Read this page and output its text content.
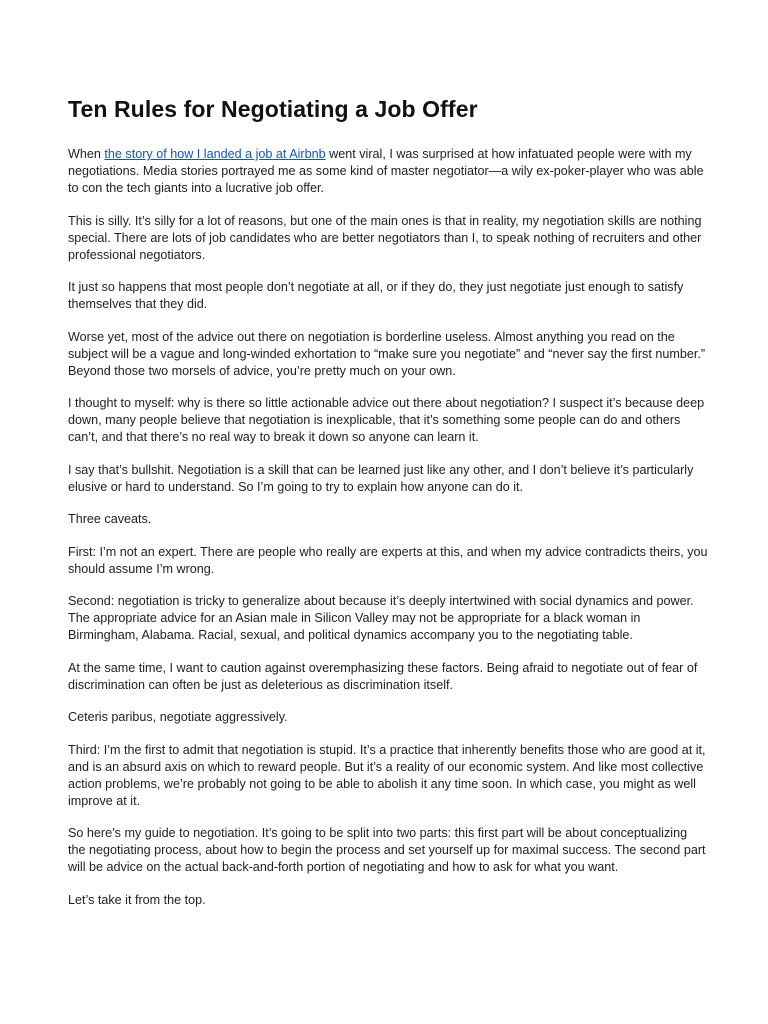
Ten Rules for Negotiating a Job Offer

When the story of how I landed a job at Airbnb went viral, I was surprised at how infatuated people were with my negotiations. Media stories portrayed me as some kind of master negotiator—a wily ex-poker-player who was able to con the tech giants into a lucrative job offer.

This is silly. It’s silly for a lot of reasons, but one of the main ones is that in reality, my negotiation skills are nothing special. There are lots of job candidates who are better negotiators than I, to speak nothing of recruiters and other professional negotiators.

It just so happens that most people don’t negotiate at all, or if they do, they just negotiate just enough to satisfy themselves that they did.

Worse yet, most of the advice out there on negotiation is borderline useless. Almost anything you read on the subject will be a vague and long-winded exhortation to “make sure you negotiate” and “never say the first number.” Beyond those two morsels of advice, you’re pretty much on your own.

I thought to myself: why is there so little actionable advice out there about negotiation? I suspect it’s because deep down, many people believe that negotiation is inexplicable, that it’s something some people can do and others can’t, and that there’s no real way to break it down so anyone can learn it.

I say that’s bullshit. Negotiation is a skill that can be learned just like any other, and I don’t believe it’s particularly elusive or hard to understand. So I’m going to try to explain how anyone can do it.

Three caveats.

First: I’m not an expert. There are people who really are experts at this, and when my advice contradicts theirs, you should assume I’m wrong.

Second: negotiation is tricky to generalize about because it’s deeply intertwined with social dynamics and power. The appropriate advice for an Asian male in Silicon Valley may not be appropriate for a black woman in Birmingham, Alabama. Racial, sexual, and political dynamics accompany you to the negotiating table.

At the same time, I want to caution against overemphasizing these factors. Being afraid to negotiate out of fear of discrimination can often be just as deleterious as discrimination itself.

Ceteris paribus, negotiate aggressively.

Third: I’m the first to admit that negotiation is stupid. It’s a practice that inherently benefits those who are good at it, and is an absurd axis on which to reward people. But it’s a reality of our economic system. And like most collective action problems, we’re probably not going to be able to abolish it any time soon. In which case, you might as well improve at it.

So here’s my guide to negotiation. It’s going to be split into two parts: this first part will be about conceptualizing the negotiating process, about how to begin the process and set yourself up for maximal success. The second part will be advice on the actual back-and-forth portion of negotiating and how to ask for what you want.

Let’s take it from the top.
